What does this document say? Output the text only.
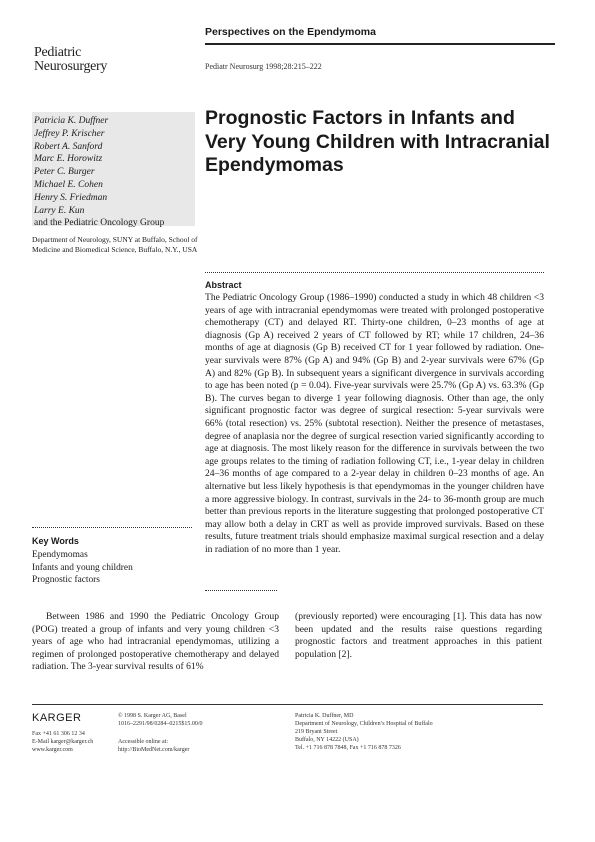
Perspectives on the Ependymoma
Pediatric
Neurosurgery	Pediatr Neurosurg 1998;28:215–222
Patricia K. Duffner
Jeffrey P. Krischer
Robert A. Sanford
Marc E. Horowitz
Peter C. Burger
Michael E. Cohen
Henry S. Friedman
Larry E. Kun
and the Pediatric Oncology Group
Department of Neurology, SUNY at Buffalo, School of Medicine and Biomedical Science, Buffalo, N.Y., USA
Prognostic Factors in Infants and Very Young Children with Intracranial Ependymomas
Abstract
The Pediatric Oncology Group (1986–1990) conducted a study in which 48 children <3 years of age with intracranial ependymomas were treated with prolonged postoperative chemotherapy (CT) and delayed RT. Thirty-one children, 0–23 months of age at diagnosis (Gp A) received 2 years of CT followed by RT; while 17 children, 24–36 months of age at diagnosis (Gp B) received CT for 1 year followed by radiation. One-year survivals were 87% (Gp A) and 94% (Gp B) and 2-year survivals were 67% (Gp A) and 82% (Gp B). In subsequent years a significant divergence in survivals according to age has been noted (p = 0.04). Five-year survivals were 25.7% (Gp A) vs. 63.3% (Gp B). The curves began to diverge 1 year following diagnosis. Other than age, the only significant prognostic factor was degree of surgical resection: 5-year survivals were 66% (total resection) vs. 25% (subtotal resection). Neither the presence of metastases, degree of anaplasia nor the degree of surgical resection varied significantly according to age at diagnosis. The most likely reason for the difference in survivals between the two age groups relates to the timing of radiation following CT, i.e., 1-year delay in children 24–36 months of age compared to a 2-year delay in children 0–23 months of age. An alternative but less likely hypothesis is that ependymomas in the younger children have a more aggressive biology. In contrast, survivals in the 24- to 36-month group are much better than previous reports in the literature suggesting that prolonged postoperative CT may allow both a delay in CRT as well as provide improved survivals. Based on these results, future treatment trials should emphasize maximal surgical resection and a delay in radiation of no more than 1 year.
Key Words
Ependymomas
Infants and young children
Prognostic factors
Between 1986 and 1990 the Pediatric Oncology Group (POG) treated a group of infants and very young children <3 years of age who had intracranial ependymomas, utilizing a regimen of prolonged postoperative chemotherapy and delayed radiation. The 3-year survival results of 61%
(previously reported) were encouraging [1]. This data has now been updated and the results raise questions regarding prognostic factors and treatment approaches in this patient population [2].
KARGER
Fax +41 61 306 12 34
E-Mail karger@karger.ch
www.karger.com
© 1998 S. Karger AG, Basel
1016–2291/98/0284–0215$15.00/0
Accessible online at:
http://BioMedNet.com/karger
Patricia K. Duffner, MD
Department of Neurology, Children’s Hospital of Buffalo
219 Bryant Street
Buffalo, NY 14222 (USA)
Tel. +1 716 878 7848, Fax +1 716 878 7326
